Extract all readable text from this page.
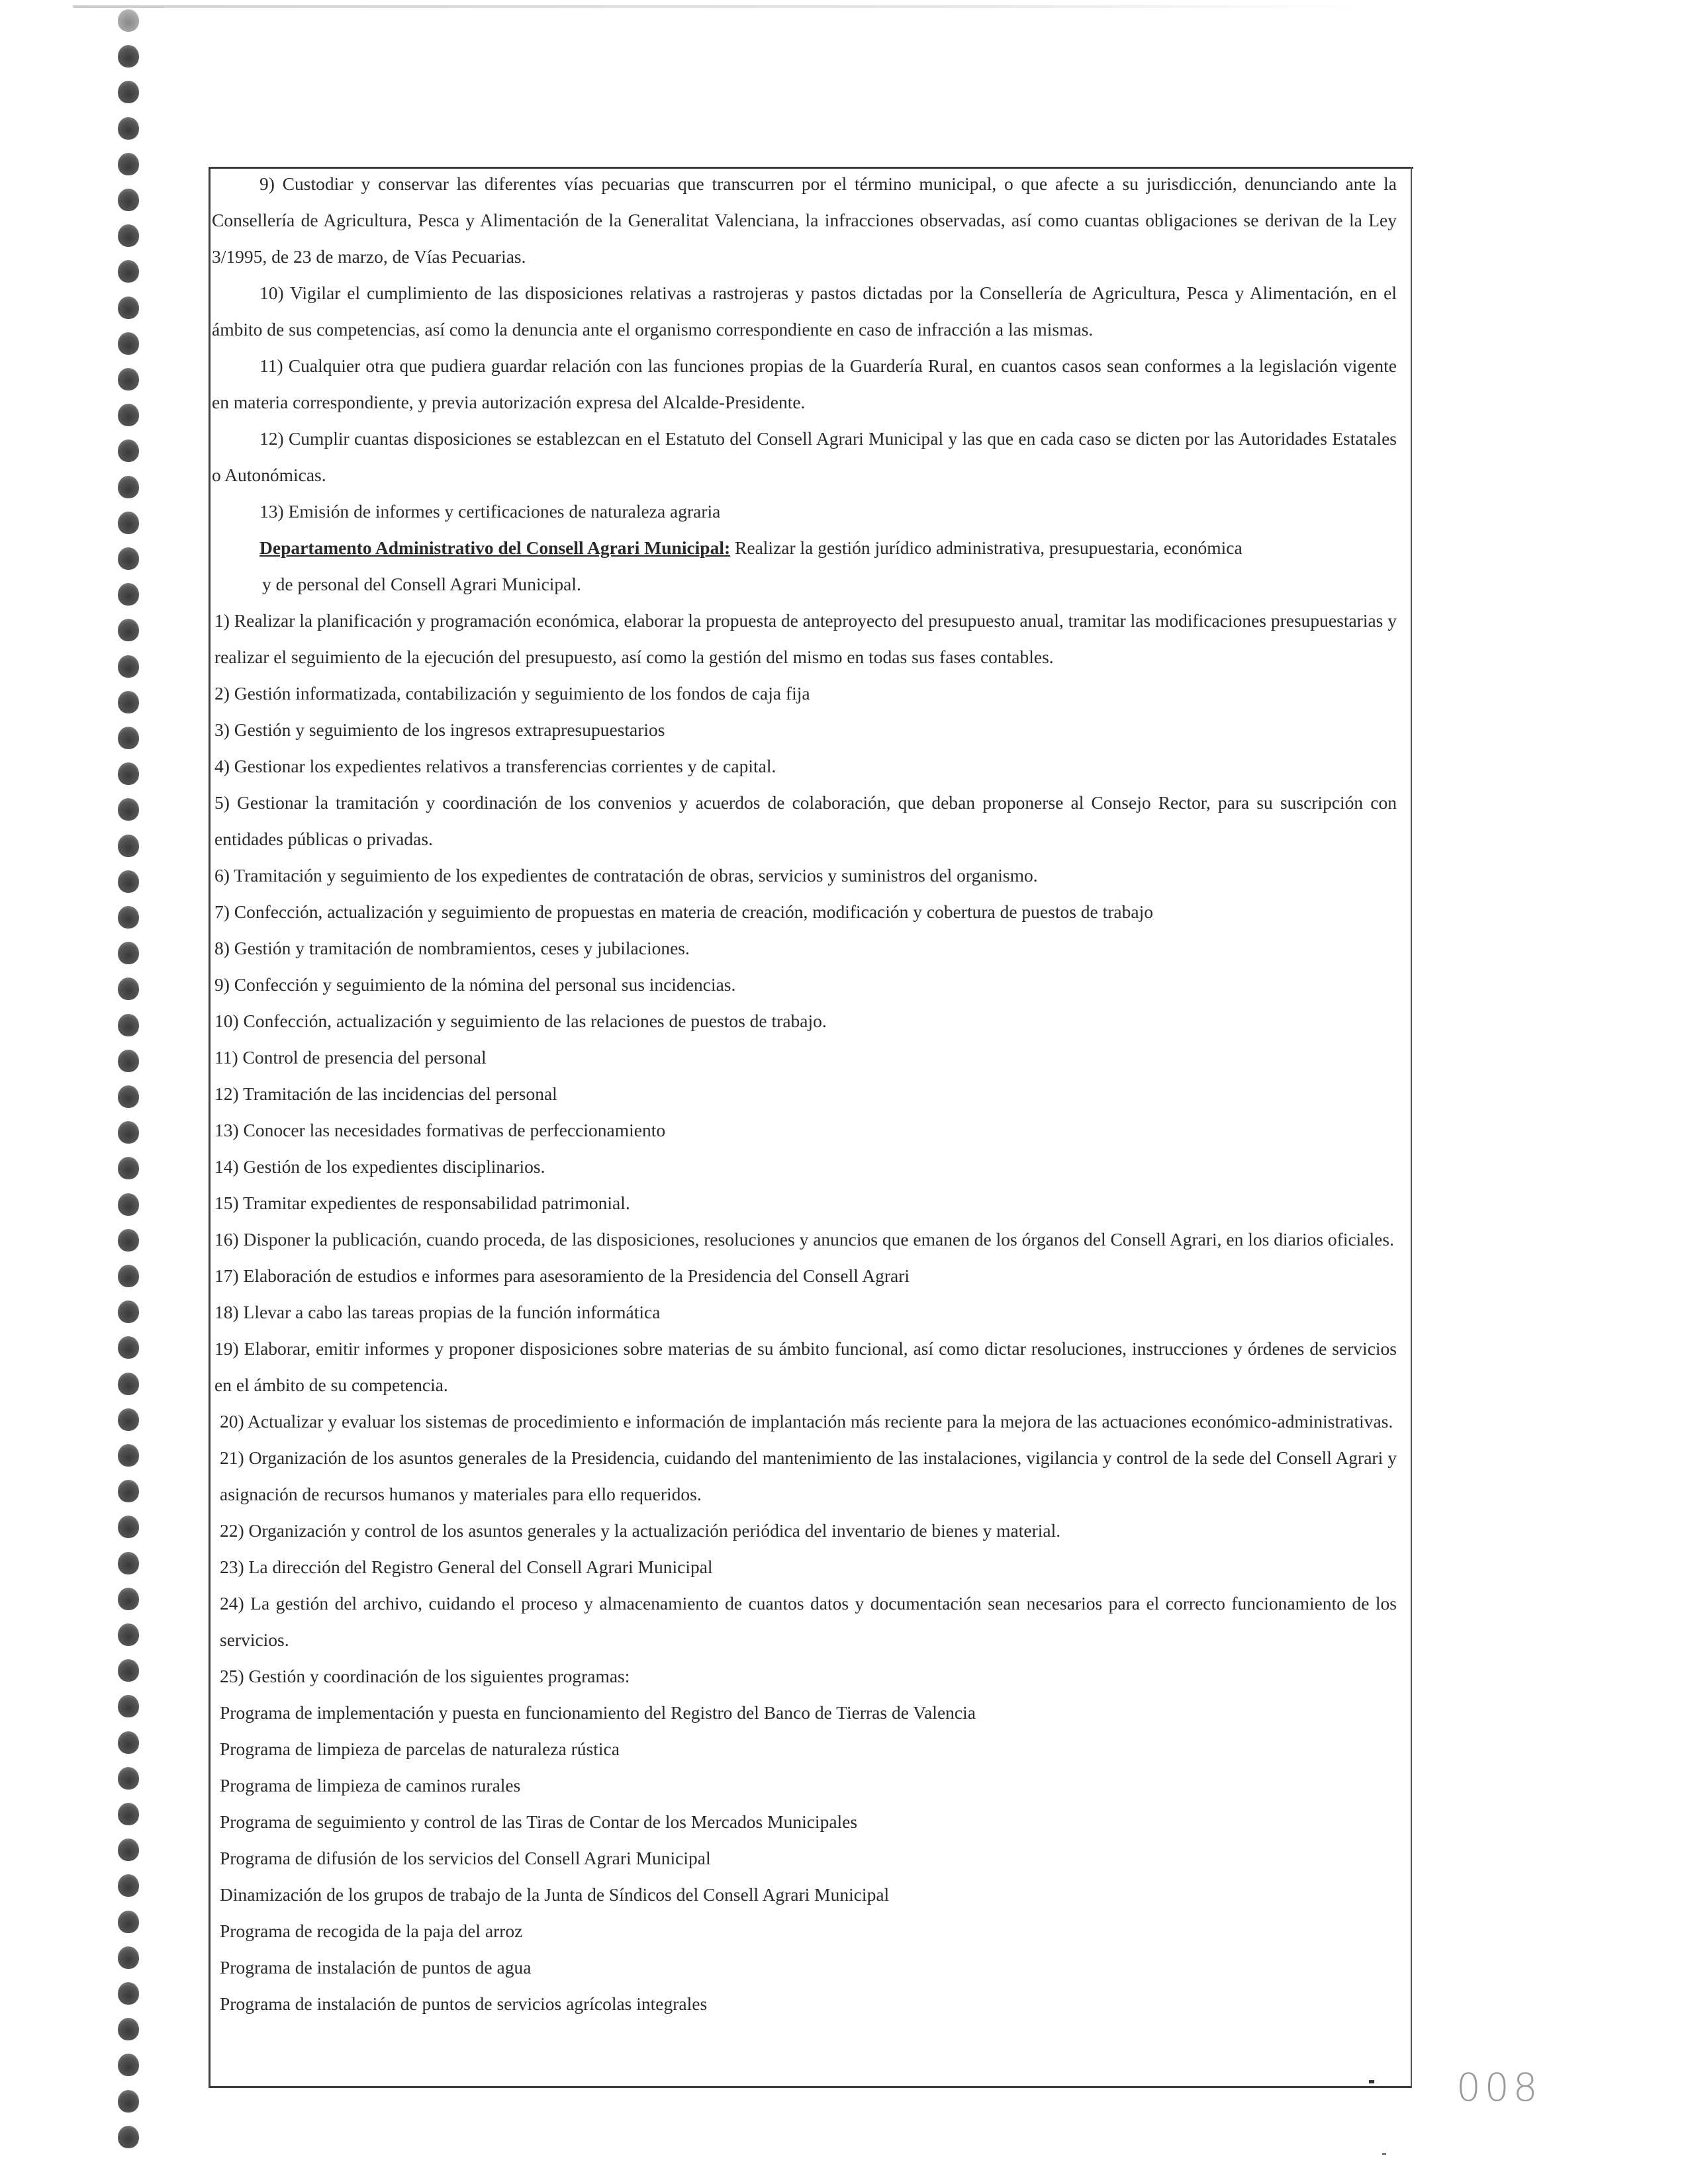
9) Custodiar y conservar las diferentes vías pecuarias que transcurren por el término municipal, o que afecte a su jurisdicción, denunciando ante la Consellería de Agricultura, Pesca y Alimentación de la Generalitat Valenciana, la infracciones observadas, así como cuantas obligaciones se derivan de la Ley 3/1995, de 23 de marzo, de Vías Pecuarias.

10) Vigilar el cumplimiento de las disposiciones relativas a rastrojeras y pastos dictadas por la Consellería de Agricultura, Pesca y Alimentación, en el ámbito de sus competencias, así como la denuncia ante el organismo correspondiente en caso de infracción a las mismas.

11) Cualquier otra que pudiera guardar relación con las funciones propias de la Guardería Rural, en cuantos casos sean conformes a la legislación vigente en materia correspondiente, y previa autorización expresa del Alcalde-Presidente.

12) Cumplir cuantas disposiciones se establezcan en el Estatuto del Consell Agrari Municipal y las que en cada caso se dicten por las Autoridades Estatales o Autonómicas.

13) Emisión de informes y certificaciones de naturaleza agraria

Departamento Administrativo del Consell Agrari Municipal: Realizar la gestión jurídico administrativa, presupuestaria, económica

y de personal del Consell Agrari Municipal.

1) Realizar la planificación y programación económica, elaborar la propuesta de anteproyecto del presupuesto anual, tramitar las modificaciones presupuestarias y realizar el seguimiento de la ejecución del presupuesto, así como la gestión del mismo en todas sus fases contables.

2) Gestión informatizada, contabilización y seguimiento de los fondos de caja fija

3) Gestión y seguimiento de los ingresos extrapresupuestarios

4) Gestionar los expedientes relativos a transferencias corrientes y de capital.

5) Gestionar la tramitación y coordinación de los convenios y acuerdos de colaboración, que deban proponerse al Consejo Rector, para su suscripción con entidades públicas o privadas.

6) Tramitación y seguimiento de los expedientes de contratación de obras, servicios y suministros del organismo.

7) Confección, actualización y seguimiento de propuestas en materia de creación, modificación y cobertura de puestos de trabajo

8) Gestión y tramitación de nombramientos, ceses y jubilaciones.

9) Confección y seguimiento de la nómina del personal sus incidencias.

10) Confección, actualización y seguimiento de las relaciones de puestos de trabajo.

11) Control de presencia del personal

12) Tramitación de las incidencias del personal

13) Conocer las necesidades formativas de perfeccionamiento

14) Gestión de los expedientes disciplinarios.

15) Tramitar expedientes de responsabilidad patrimonial.

16) Disponer la publicación, cuando proceda, de las disposiciones, resoluciones y anuncios que emanen de los órganos del Consell Agrari, en los diarios oficiales.

17) Elaboración de estudios e informes para asesoramiento de la Presidencia del Consell Agrari

18) Llevar a cabo las tareas propias de la función informática

19) Elaborar, emitir informes y proponer disposiciones sobre materias de su ámbito funcional, así como dictar resoluciones, instrucciones y órdenes de servicios en el ámbito de su competencia.

20) Actualizar y evaluar los sistemas de procedimiento e información de implantación más reciente para la mejora de las actuaciones económico-administrativas.

21) Organización de los asuntos generales de la Presidencia, cuidando del mantenimiento de las instalaciones, vigilancia y control de la sede del Consell Agrari y asignación de recursos humanos y materiales para ello requeridos.

22) Organización y control de los asuntos generales y la actualización periódica del inventario de bienes y material.

23) La dirección del Registro General del Consell Agrari Municipal

24) La gestión del archivo, cuidando el proceso y almacenamiento de cuantos datos y documentación sean necesarios para el correcto funcionamiento de los servicios.

25) Gestión y coordinación de los siguientes programas:

Programa de implementación y puesta en funcionamiento del Registro del Banco de Tierras de Valencia

Programa de limpieza de parcelas de naturaleza rústica

Programa de limpieza de caminos rurales

Programa de seguimiento y control de las Tiras de Contar de los Mercados Municipales

Programa de difusión de los servicios del Consell Agrari Municipal

Dinamización de los grupos de trabajo de la Junta de Síndicos del Consell Agrari Municipal

Programa de recogida de la paja del arroz

Programa de instalación de puntos de agua

Programa de instalación de puntos de servicios agrícolas integrales

008
